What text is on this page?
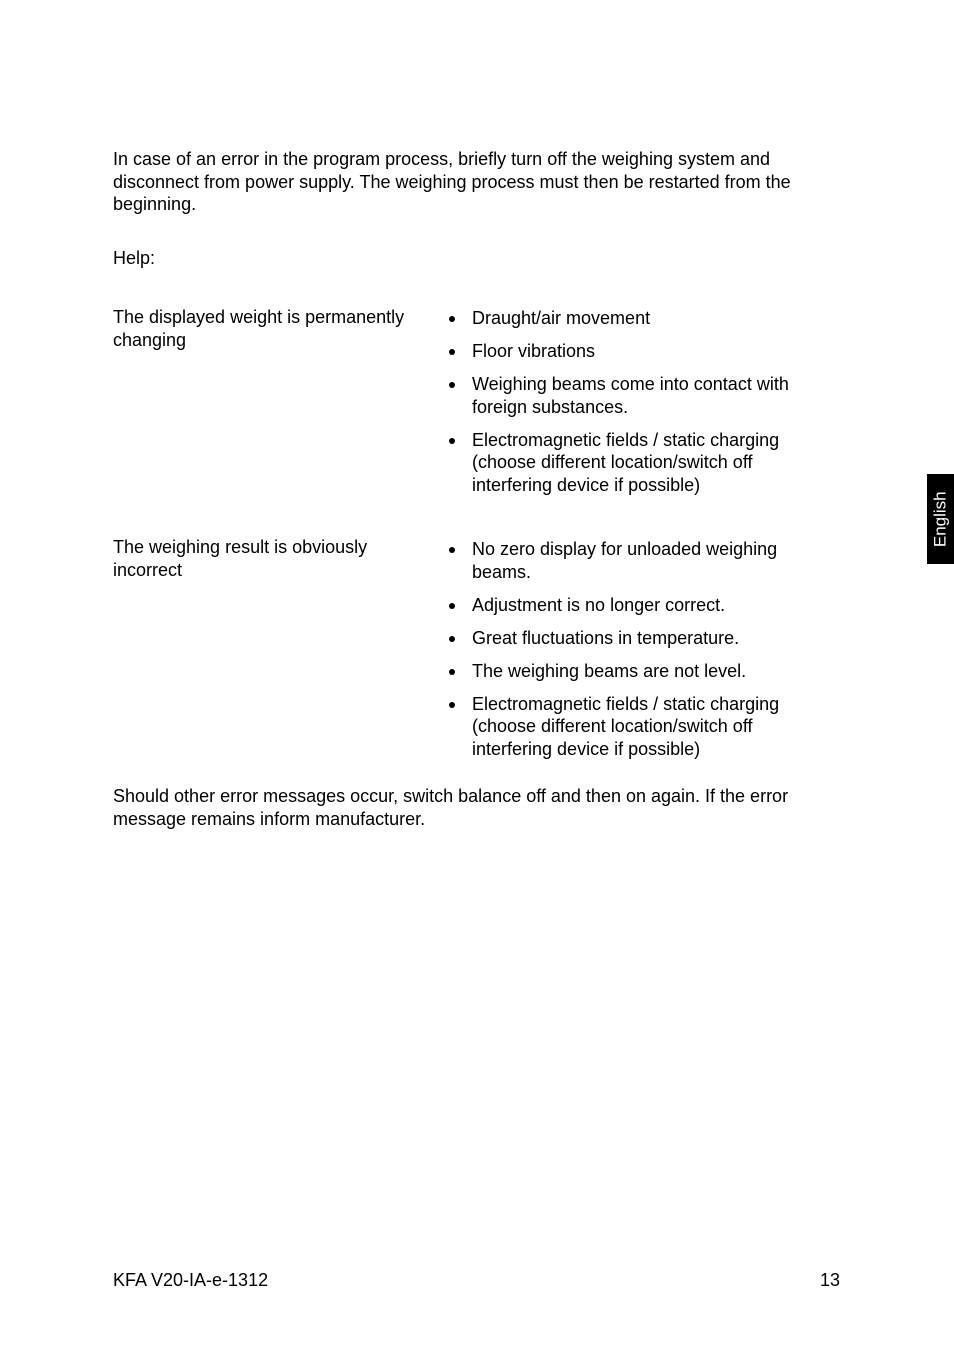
In case of an error in the program process, briefly turn off the weighing system and disconnect from power supply. The weighing process must then be restarted from the beginning.

Help:

The displayed weight is permanently changing

Draught/air movement
Floor vibrations
Weighing beams come into contact with foreign substances.
Electromagnetic fields / static charging (choose different location/switch off interfering device if possible)

The weighing result is obviously incorrect

No zero display for unloaded weighing beams.
Adjustment is no longer correct.
Great fluctuations in temperature.
The weighing beams are not level.
Electromagnetic fields / static charging (choose different location/switch off interfering device if possible)

Should other error messages occur, switch balance off and then on again. If the error message remains inform manufacturer.

English

KFA V20-IA-e-1312	13
